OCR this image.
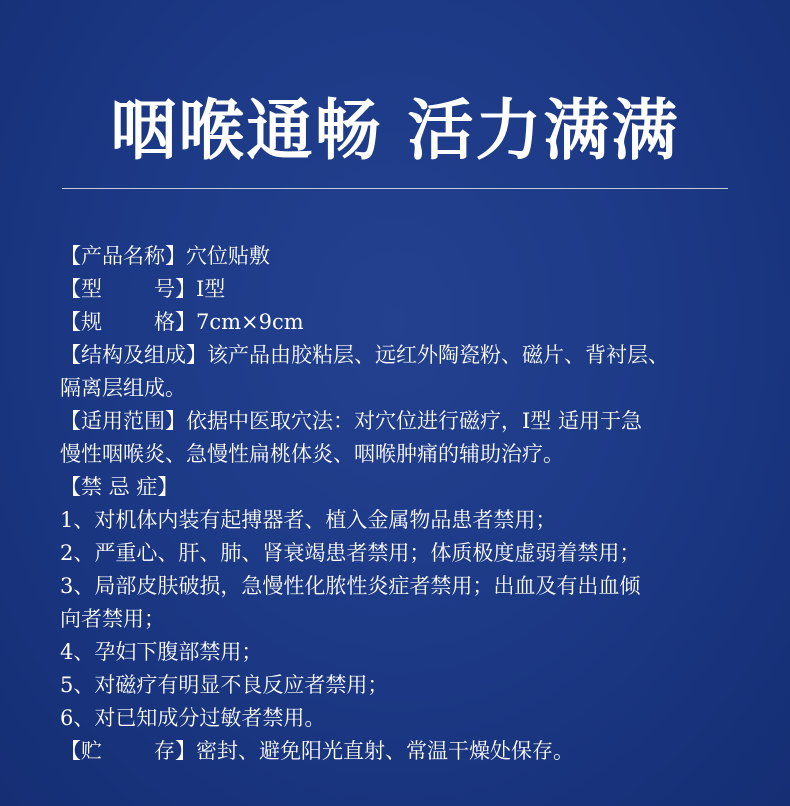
咽喉通畅 活力满满
【产品名称】穴位贴敷
【型 号】I型
【规 格】7cm×9cm
【结构及组成】该产品由胶粘层、远红外陶瓷粉、磁片、背衬层、
隔离层组成。
【适用范围】依据中医取穴法：对穴位进行磁疗，I型 适用于急
慢性咽喉炎、急慢性扁桃体炎、咽喉肿痛的辅助治疗。
【禁 忌 症】
1、对机体内装有起搏器者、植入金属物品患者禁用；
2、严重心、肝、肺、肾衰竭患者禁用；体质极度虚弱着禁用；
3、局部皮肤破损，急慢性化脓性炎症者禁用；出血及有出血倾
向者禁用；
4、孕妇下腹部禁用；
5、对磁疗有明显不良反应者禁用；
6、对已知成分过敏者禁用。
【贮 存】密封、避免阳光直射、常温干燥处保存。
